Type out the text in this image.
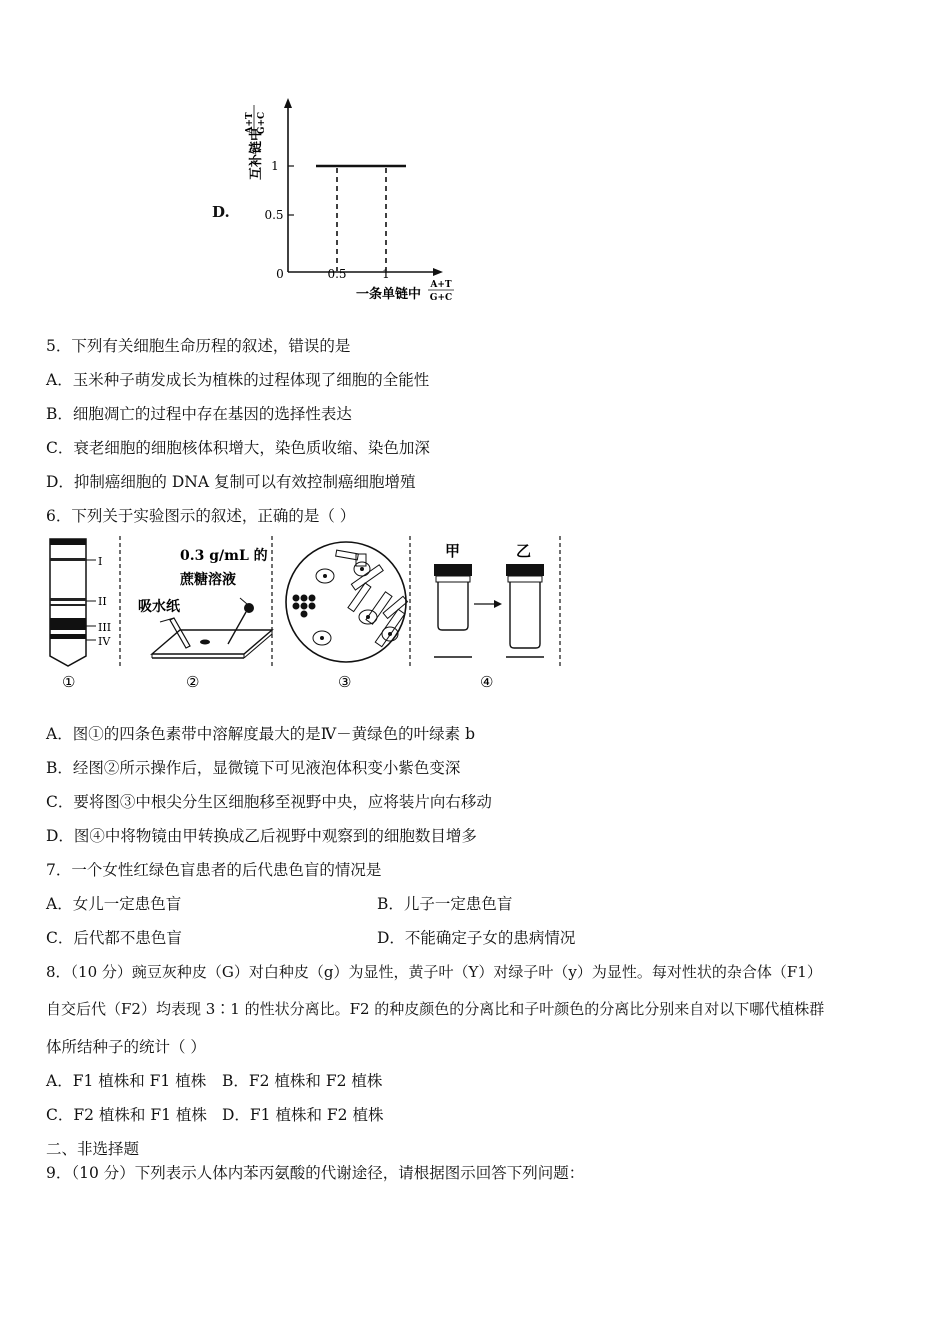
D.
互补链中
A+T G+C
1
0.5
0	0.5	1
一条单链中
A+T
G+C
5．下列有关细胞生命历程的叙述，错误的是
A．玉米种子萌发成长为植株的过程体现了细胞的全能性
B．细胞凋亡的过程中存在基因的选择性表达
C．衰老细胞的细胞核体积增大，染色质收缩、染色加深
D．抑制癌细胞的 DNA 复制可以有效控制癌细胞增殖
6．下列关于实验图示的叙述，正确的是（ ）
I
II
III
IV
0.3 g/mL 的
蔗糖溶液
吸水纸
甲	乙
①	②	③	④
A．图①的四条色素带中溶解度最大的是Ⅳ－黄绿色的叶绿素 b
B．经图②所示操作后，显微镜下可见液泡体积变小紫色变深
C．要将图③中根尖分生区细胞移至视野中央，应将装片向右移动
D．图④中将物镜由甲转换成乙后视野中观察到的细胞数目增多
7．一个女性红绿色盲患者的后代患色盲的情况是
A．女儿一定患色盲	B．儿子一定患色盲
C．后代都不患色盲	D．不能确定子女的患病情况
8．（10 分）豌豆灰种皮（G）对白种皮（g）为显性，黄子叶（Y）对绿子叶（y）为显性。每对性状的杂合体（F1）
自交后代（F2）均表现 3∶1 的性状分离比。F2 的种皮颜色的分离比和子叶颜色的分离比分别来自对以下哪代植株群
体所结种子的统计（ ）
A．F1 植株和 F1 植株 B．F2 植株和 F2 植株
C．F2 植株和 F1 植株 D．F1 植株和 F2 植株
二、非选择题
9．（10 分）下列表示人体内苯丙氨酸的代谢途径，请根据图示回答下列问题：
